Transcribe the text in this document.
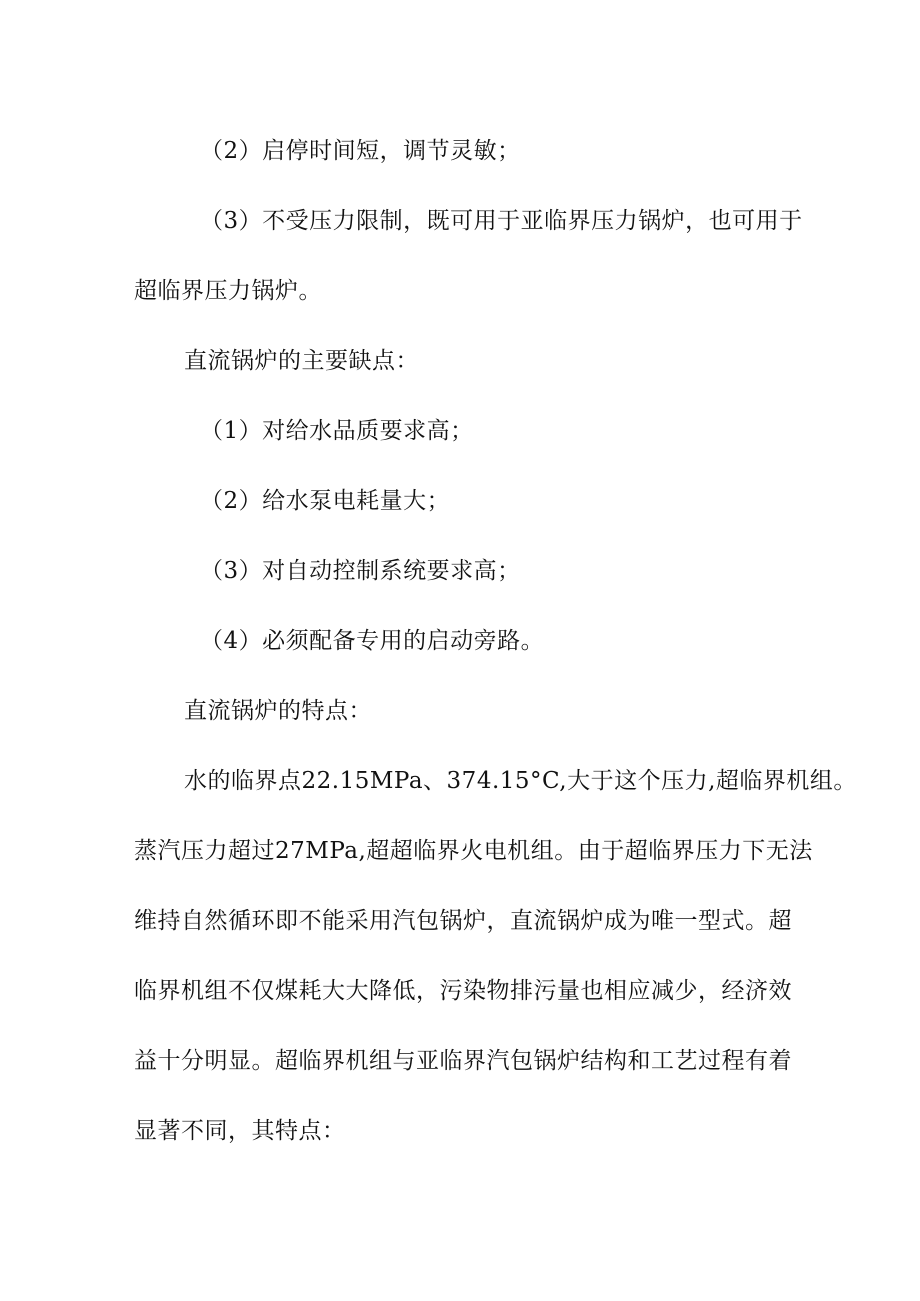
（2）启停时间短，调节灵敏；
（3）不受压力限制，既可用于亚临界压力锅炉，也可用于
超临界压力锅炉。
直流锅炉的主要缺点：
（1）对给水品质要求高；
（2）给水泵电耗量大；
（3）对自动控制系统要求高；
（4）必须配备专用的启动旁路。
直流锅炉的特点：
水的临界点22.15MPa、374.15°C,大于这个压力,超临界机组。
蒸汽压力超过27MPa,超超临界火电机组。由于超临界压力下无法
维持自然循环即不能采用汽包锅炉，直流锅炉成为唯一型式。超
临界机组不仅煤耗大大降低，污染物排污量也相应减少，经济效
益十分明显。超临界机组与亚临界汽包锅炉结构和工艺过程有着
显著不同，其特点：
